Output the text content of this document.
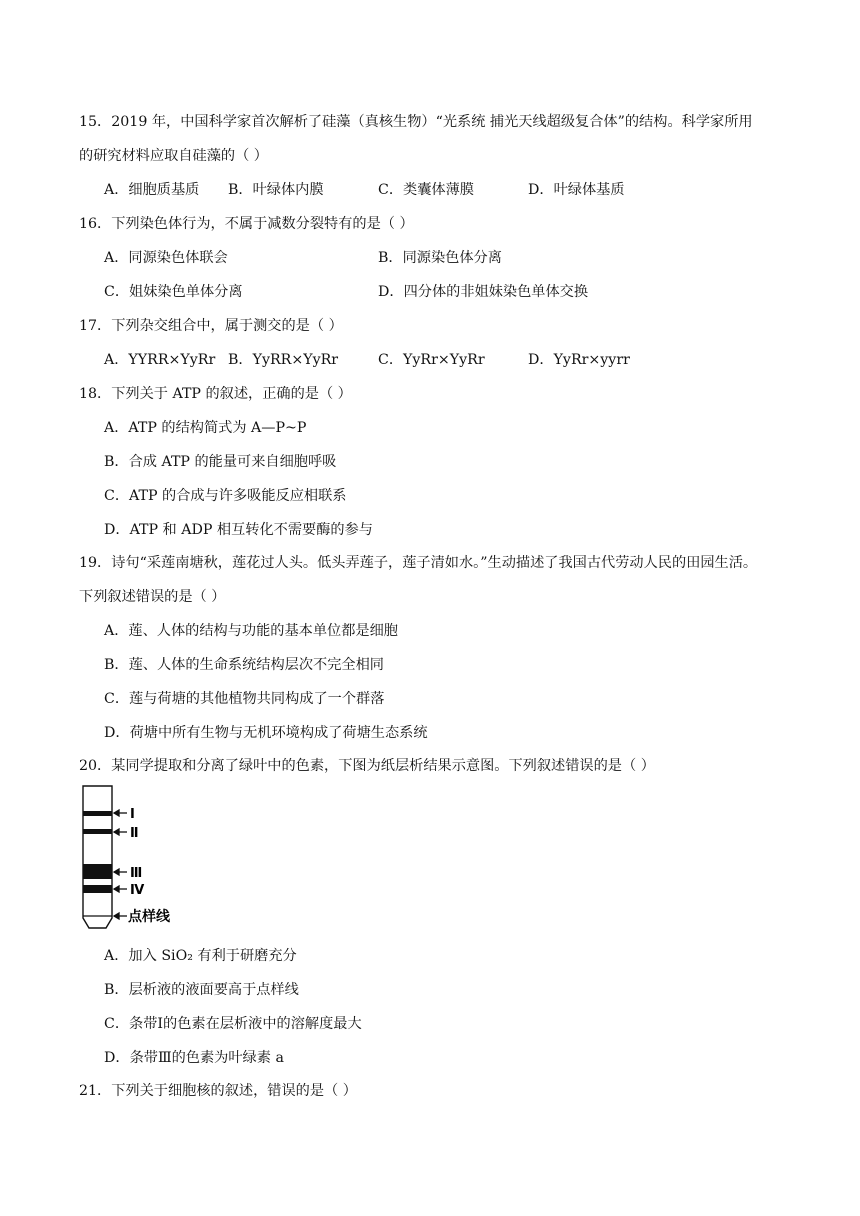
15．2019 年，中国科学家首次解析了硅藻（真核生物）“光系统 捕光天线超级复合体”的结构。科学家所用
的研究材料应取自硅藻的（ ）
A．细胞质基质 B．叶绿体内膜	C．类囊体薄膜	D．叶绿体基质
16．下列染色体行为，不属于减数分裂特有的是（ ）
A．同源染色体联会	B．同源染色体分离
C．姐妹染色单体分离	D．四分体的非姐妹染色单体交换
17．下列杂交组合中，属于测交的是（ ）
A．YYRR×YyRr B．YyRR×YyRr	C．YyRr×YyRr	D．YyRr×yyrr
18．下列关于 ATP 的叙述，正确的是（ ）
A．ATP 的结构简式为 A—P~P
B．合成 ATP 的能量可来自细胞呼吸
C．ATP 的合成与许多吸能反应相联系
D．ATP 和 ADP 相互转化不需要酶的参与
19．诗句“采莲南塘秋，莲花过人头。低头弄莲子，莲子清如水。”生动描述了我国古代劳动人民的田园生活。
下列叙述错误的是（ ）
A．莲、人体的结构与功能的基本单位都是细胞
B．莲、人体的生命系统结构层次不完全相同
C．莲与荷塘的其他植物共同构成了一个群落
D．荷塘中所有生物与无机环境构成了荷塘生态系统
20．某同学提取和分离了绿叶中的色素，下图为纸层析结果示意图。下列叙述错误的是（ ）
Ⅰ
Ⅱ
Ⅲ
Ⅳ
点样线
A．加入 SiO₂ 有利于研磨充分
B．层析液的液面要高于点样线
C．条带Ⅰ的色素在层析液中的溶解度最大
D．条带Ⅲ的色素为叶绿素 a
21．下列关于细胞核的叙述，错误的是（ ）
